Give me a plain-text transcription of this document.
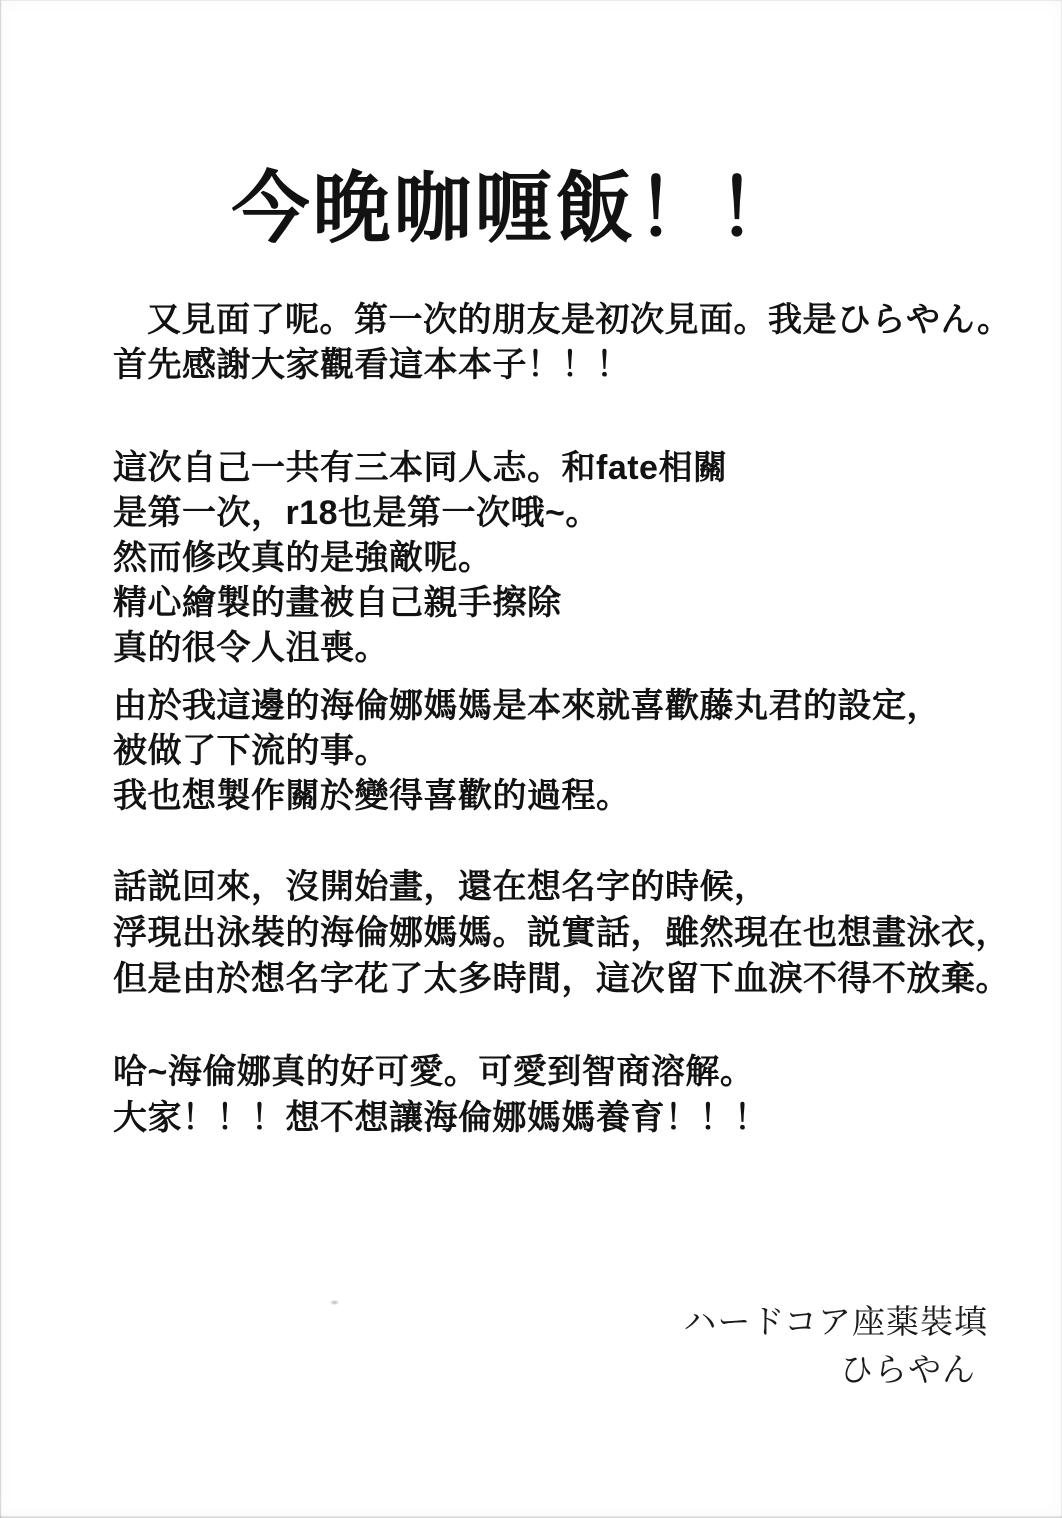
今晚咖喱飯！！
又見面了呢。第一次的朋友是初次見面。我是ひらやん。
首先感謝大家觀看這本本子！！！
這次自己一共有三本同人志。和fate相關
是第一次，r18也是第一次哦~。
然而修改真的是強敵呢。
精心繪製的畫被自己親手擦除
真的很令人沮喪。
由於我這邊的海倫娜媽媽是本來就喜歡藤丸君的設定，
被做了下流的事。
我也想製作關於變得喜歡的過程。
話説回來，沒開始畫，還在想名字的時候，
浮現出泳裝的海倫娜媽媽。説實話，雖然現在也想畫泳衣，
但是由於想名字花了太多時間，這次留下血淚不得不放棄。
哈~海倫娜真的好可愛。可愛到智商溶解。
大家！！！想不想讓海倫娜媽媽養育！！！
ハードコア座薬裝填
ひらやん
